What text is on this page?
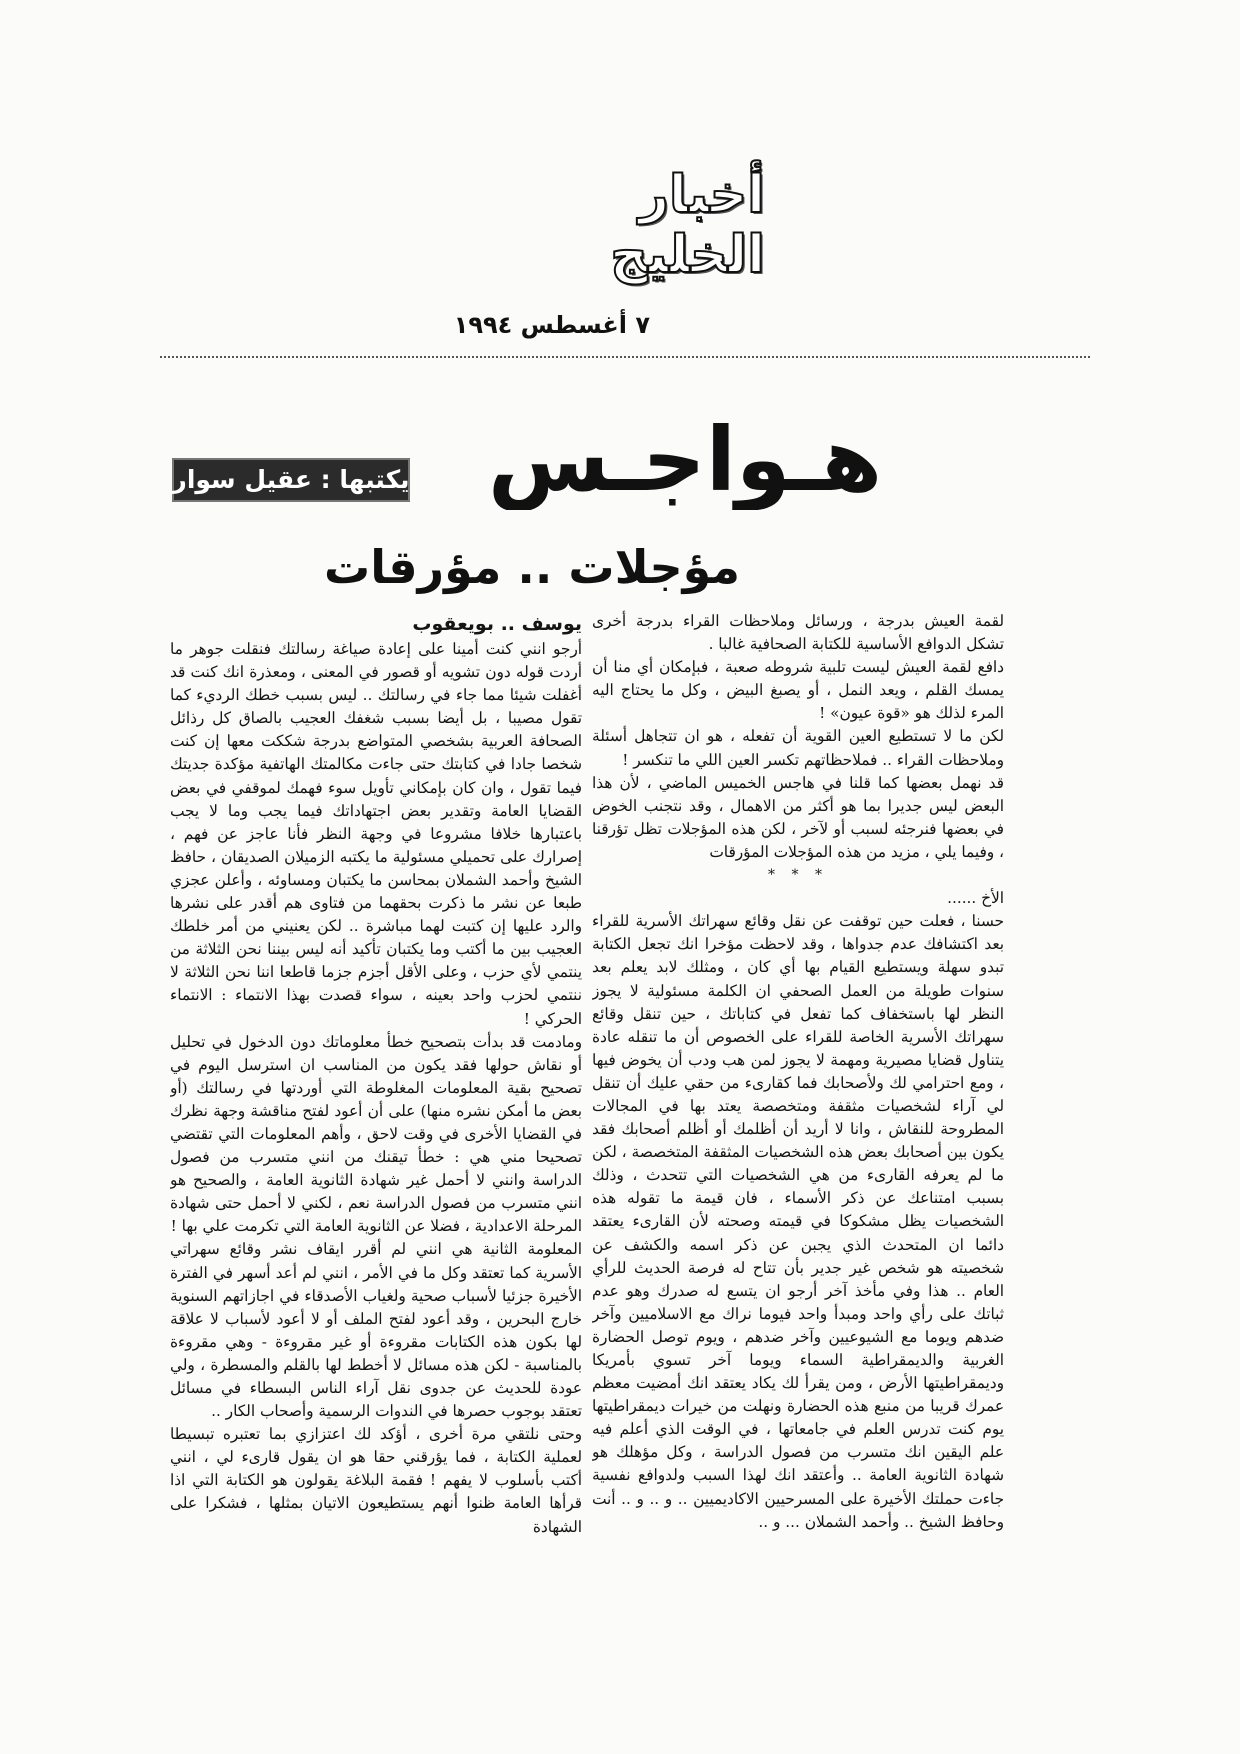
أخبار الخليج
٧ أغسطس ١٩٩٤
هـواجـس
يكتبها : عقيل سوار
مؤجلات .. مؤرقات

لقمة العيش بدرجة ، ورسائل وملاحظات القراء بدرجة أخرى تشكل الدوافع الأساسية للكتابة الصحافية غالبا .

دافع لقمة العيش ليست تلبية شروطه صعبة ، فبإمكان أي منا أن يمسك القلم ، ويعد النمل ، أو يصبغ البيض ، وكل ما يحتاج اليه المرء لذلك هو «قوة عيون» !

لكن ما لا تستطيع العين القوية أن تفعله ، هو ان تتجاهل أسئلة وملاحظات القراء .. فملاحظاتهم تكسر العين اللي ما تنكسر !

قد نهمل بعضها كما قلنا في هاجس الخميس الماضي ، لأن هذا البعض ليس جديرا بما هو أكثر من الاهمال ، وقد نتجنب الخوض في بعضها فنرجئه لسبب أو لآخر ، لكن هذه المؤجلات تظل تؤرقنا ، وفيما يلي ، مزيد من هذه المؤجلات المؤرقات

* * *

الأخ ......

حسنا ، فعلت حين توقفت عن نقل وقائع سهراتك الأسرية للقراء بعد اكتشافك عدم جدواها ، وقد لاحظت مؤخرا انك تجعل الكتابة تبدو سهلة ويستطيع القيام بها أي كان ، ومثلك لابد يعلم بعد سنوات طويلة من العمل الصحفي ان الكلمة مسئولية لا يجوز النظر لها باستخفاف كما تفعل في كتاباتك ، حين تنقل وقائع سهراتك الأسرية الخاصة للقراء على الخصوص أن ما تنقله عادة يتناول قضايا مصيرية ومهمة لا يجوز لمن هب ودب أن يخوض فيها ، ومع احترامي لك ولأصحابك فما كقارىء من حقي عليك أن تنقل لي آراء لشخصيات مثقفة ومتخصصة يعتد بها في المجالات المطروحة للنقاش ، وانا لا أريد أن أظلمك أو أظلم أصحابك فقد يكون بين أصحابك بعض هذه الشخصيات المثقفة المتخصصة ، لكن ما لم يعرفه القارىء من هي الشخصيات التي تتحدث ، وذلك بسبب امتناعك عن ذكر الأسماء ، فان قيمة ما تقوله هذه الشخصيات يظل مشكوكا في قيمته وصحته لأن القارىء يعتقد دائما ان المتحدث الذي يجبن عن ذكر اسمه والكشف عن شخصيته هو شخص غير جدير بأن تتاح له فرصة الحديث للرأي العام .. هذا وفي مأخذ آخر أرجو ان يتسع له صدرك وهو عدم ثباتك على رأي واحد ومبدأ واحد فيوما نراك مع الاسلاميين وآخر ضدهم ويوما مع الشيوعيين وآخر ضدهم ، ويوم توصل الحضارة الغربية والديمقراطية السماء ويوما آخر تسوي بأمريكا وديمقراطيتها الأرض ، ومن يقرأ لك يكاد يعتقد انك أمضيت معظم عمرك قريبا من منبع هذه الحضارة ونهلت من خيرات ديمقراطيتها يوم كنت تدرس العلم في جامعاتها ، في الوقت الذي أعلم فيه علم اليقين انك متسرب من فصول الدراسة ، وكل مؤهلك هو شهادة الثانوية العامة .. وأعتقد انك لهذا السبب ولدوافع نفسية جاءت حملتك الأخيرة على المسرحيين الاكاديميين .. و .. و .. أنت وحافظ الشيخ .. وأحمد الشملان ... و ..

يوسف .. بويعقوب

أرجو انني كنت أمينا على إعادة صياغة رسالتك فنقلت جوهر ما أردت قوله دون تشويه أو قصور في المعنى ، ومعذرة انك كنت قد أغفلت شيئا مما جاء في رسالتك .. ليس بسبب خطك الرديء كما تقول مصيبا ، بل أيضا بسبب شغفك العجيب بالصاق كل رذائل الصحافة العربية بشخصي المتواضع بدرجة شككت معها إن كنت شخصا جادا في كتابتك حتى جاءت مكالمتك الهاتفية مؤكدة جديتك فيما تقول ، وان كان بإمكاني تأويل سوء فهمك لموقفي في بعض القضايا العامة وتقدير بعض اجتهاداتك فيما يجب وما لا يجب باعتبارها خلافا مشروعا في وجهة النظر فأنا عاجز عن فهم ، إصرارك على تحميلي مسئولية ما يكتبه الزميلان الصديقان ، حافظ الشيخ وأحمد الشملان بمحاسن ما يكتبان ومساوئه ، وأعلن عجزي طبعا عن نشر ما ذكرت بحقهما من فتاوى هم أقدر على نشرها والرد عليها إن كتبت لهما مباشرة .. لكن يعنيني من أمر خلطك العجيب بين ما أكتب وما يكتبان تأكيد أنه ليس بيننا نحن الثلاثة من ينتمي لأي حزب ، وعلى الأقل أجزم جزما قاطعا اننا نحن الثلاثة لا ننتمي لحزب واحد بعينه ، سواء قصدت بهذا الانتماء : الانتماء الحركي !

ومادمت قد بدأت بتصحيح خطأ معلوماتك دون الدخول في تحليل أو نقاش حولها فقد يكون من المناسب ان استرسل اليوم في تصحيح بقية المعلومات المغلوطة التي أوردتها في رسالتك (أو بعض ما أمكن نشره منها) على أن أعود لفتح مناقشة وجهة نظرك في القضايا الأخرى في وقت لاحق ، وأهم المعلومات التي تقتضي تصحيحا مني هي : خطأ تيقنك من انني متسرب من فصول الدراسة وانني لا أحمل غير شهادة الثانوية العامة ، والصحيح هو انني متسرب من فصول الدراسة نعم ، لكني لا أحمل حتى شهادة المرحلة الاعدادية ، فضلا عن الثانوية العامة التي تكرمت علي بها !

المعلومة الثانية هي انني لم أقرر ايقاف نشر وقائع سهراتي الأسرية كما تعتقد وكل ما في الأمر ، انني لم أعد أسهر في الفترة الأخيرة جزئيا لأسباب صحية ولغياب الأصدقاء في اجازاتهم السنوية خارج البحرين ، وقد أعود لفتح الملف أو لا أعود لأسباب لا علاقة لها بكون هذه الكتابات مقروءة أو غير مقروءة - وهي مقروءة بالمناسبة - لكن هذه مسائل لا أخطط لها بالقلم والمسطرة ، ولي عودة للحديث عن جدوى نقل آراء الناس البسطاء في مسائل تعتقد بوجوب حصرها في الندوات الرسمية وأصحاب الكار ..

وحتى نلتقي مرة أخرى ، أؤكد لك اعتزازي بما تعتبره تبسيطا لعملية الكتابة ، فما يؤرقني حقا هو ان يقول قارىء لي ، انني أكتب بأسلوب لا يفهم ! فقمة البلاغة يقولون هو الكتابة التي اذا قرأها العامة ظنوا أنهم يستطيعون الاتيان بمثلها ، فشكرا على الشهادة
